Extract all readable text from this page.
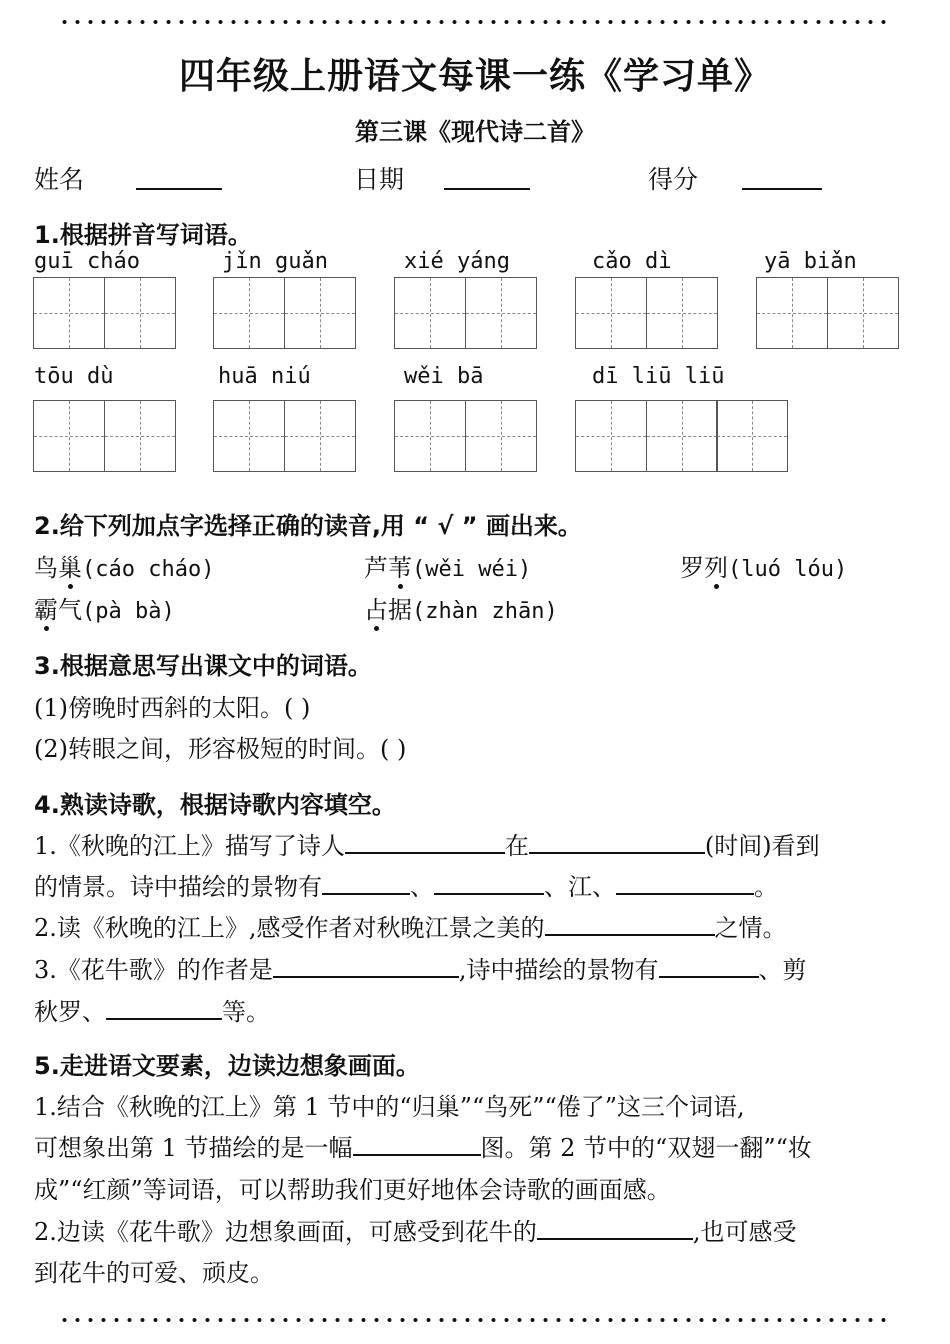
四年级上册语文每课一练《学习单》
第三课《现代诗二首》
姓名	日期	得分
1.根据拼音写词语。
guī cháo	jǐn guǎn	xié yáng	cǎo dì	yā biǎn
tōu dù	huā niú	wěi bā	dī liū liū
2.给下列加点字选择正确的读音,用 “ √ ” 画出来。
鸟巢(cáo cháo)	芦苇(wěi wéi)	罗列(luó lóu)
霸气(pà bà)	占据(zhàn zhān)
3.根据意思写出课文中的词语。
(1)傍晚时西斜的太阳。( )
(2)转眼之间，形容极短的时间。( )
4.熟读诗歌，根据诗歌内容填空。
1.《秋晚的江上》描写了诗人	在	(时间)看到
的情景。诗中描绘的景物有	、	、江、	。
2.读《秋晚的江上》,感受作者对秋晚江景之美的	之情。
3.《花牛歌》的作者是	,诗中描绘的景物有	、剪
秋罗、	等。
5.走进语文要素，边读边想象画面。
1.结合《秋晚的江上》第 1 节中的“归巢”“鸟死”“倦了”这三个词语,
可想象出第 1 节描绘的是一幅	图。第 2 节中的“双翅一翻”“妆
成”“红颜”等词语，可以帮助我们更好地体会诗歌的画面感。
2.边读《花牛歌》边想象画面，可感受到花牛的	,也可感受
到花牛的可爱、顽皮。
